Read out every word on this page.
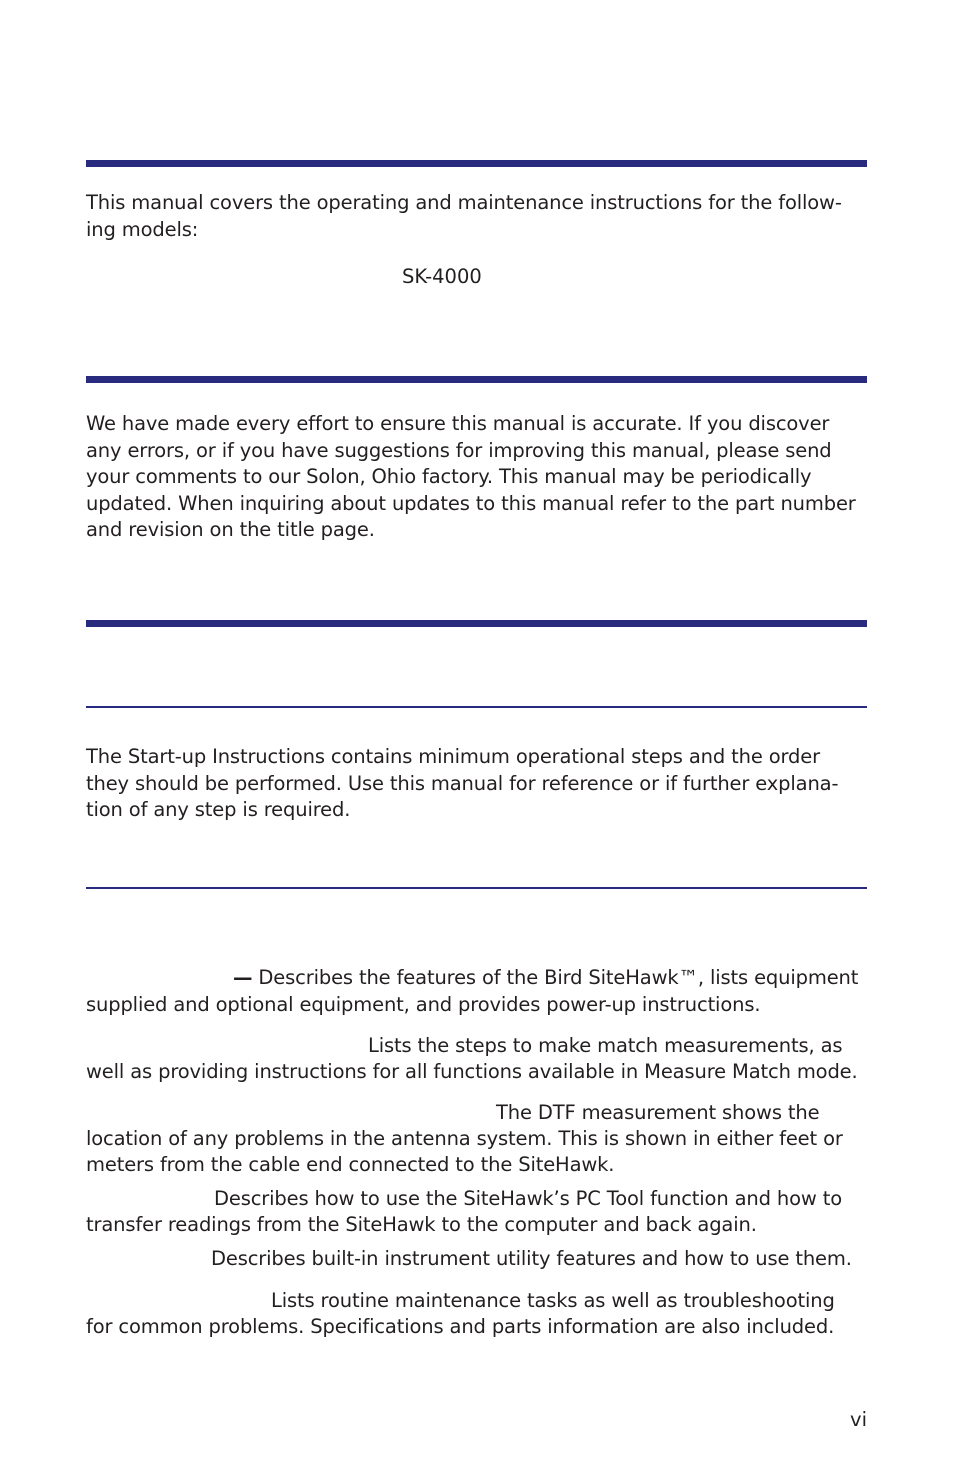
This manual covers the operating and maintenance instructions for the follow-
ing models:
SK-4000
We have made every effort to ensure this manual is accurate. If you discover
any errors, or if you have suggestions for improving this manual, please send
your comments to our Solon, Ohio factory. This manual may be periodically
updated. When inquiring about updates to this manual refer to the part number
and revision on the title page.
The Start-up Instructions contains minimum operational steps and the order
they should be performed. Use this manual for reference or if further explana-
tion of any step is required.
— Describes the features of the Bird SiteHawk™, lists equipment
supplied and optional equipment, and provides power-up instructions.
Lists the steps to make match measurements, as
well as providing instructions for all functions available in Measure Match mode.
The DTF measurement shows the
location of any problems in the antenna system. This is shown in either feet or
meters from the cable end connected to the SiteHawk.
Describes how to use the SiteHawk’s PC Tool function and how to
transfer readings from the SiteHawk to the computer and back again.
Describes built-in instrument utility features and how to use them.
Lists routine maintenance tasks as well as troubleshooting
for common problems. Specifications and parts information are also included.
vi
